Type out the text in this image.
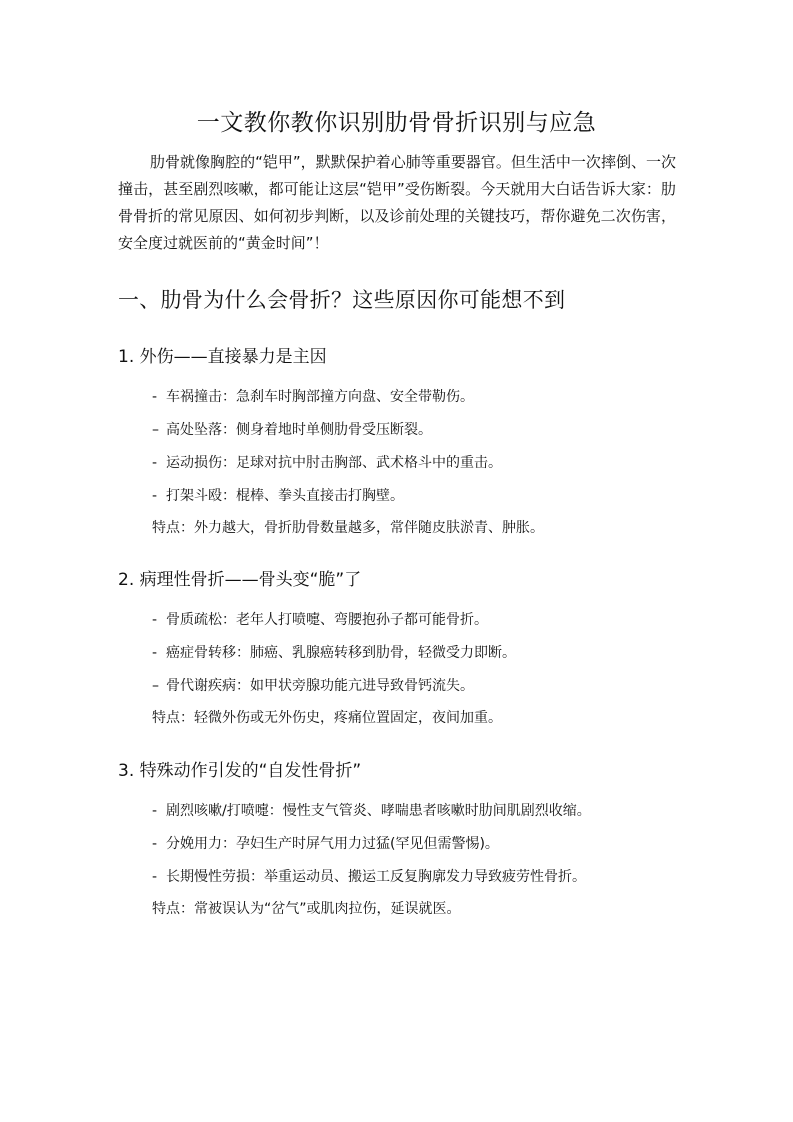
一文教你教你识别肋骨骨折识别与应急

肋骨就像胸腔的“铠甲”，默默保护着心肺等重要器官。但生活中一次摔倒、一次撞击，甚至剧烈咳嗽，都可能让这层“铠甲”受伤断裂。今天就用大白话告诉大家：肋骨骨折的常见原因、如何初步判断，以及诊前处理的关键技巧，帮你避免二次伤害，安全度过就医前的“黄金时间”！

一、肋骨为什么会骨折？这些原因你可能想不到
1. 外伤——直接暴力是主因
- 车祸撞击：急刹车时胸部撞方向盘、安全带勒伤。
– 高处坠落：侧身着地时单侧肋骨受压断裂。
- 运动损伤：足球对抗中肘击胸部、武术格斗中的重击。
- 打架斗殴：棍棒、拳头直接击打胸壁。

特点：外力越大，骨折肋骨数量越多，常伴随皮肤淤青、肿胀。

2. 病理性骨折——骨头变“脆”了
- 骨质疏松：老年人打喷嚏、弯腰抱孙子都可能骨折。
- 癌症骨转移：肺癌、乳腺癌转移到肋骨，轻微受力即断。
– 骨代谢疾病：如甲状旁腺功能亢进导致骨钙流失。

特点：轻微外伤或无外伤史，疼痛位置固定，夜间加重。

3. 特殊动作引发的“自发性骨折”
- 剧烈咳嗽/打喷嚏：慢性支气管炎、哮喘患者咳嗽时肋间肌剧烈收缩。
- 分娩用力：孕妇生产时屏气用力过猛(罕见但需警惕)。
- 长期慢性劳损：举重运动员、搬运工反复胸廓发力导致疲劳性骨折。

特点：常被误认为“岔气”或肌肉拉伤，延误就医。
